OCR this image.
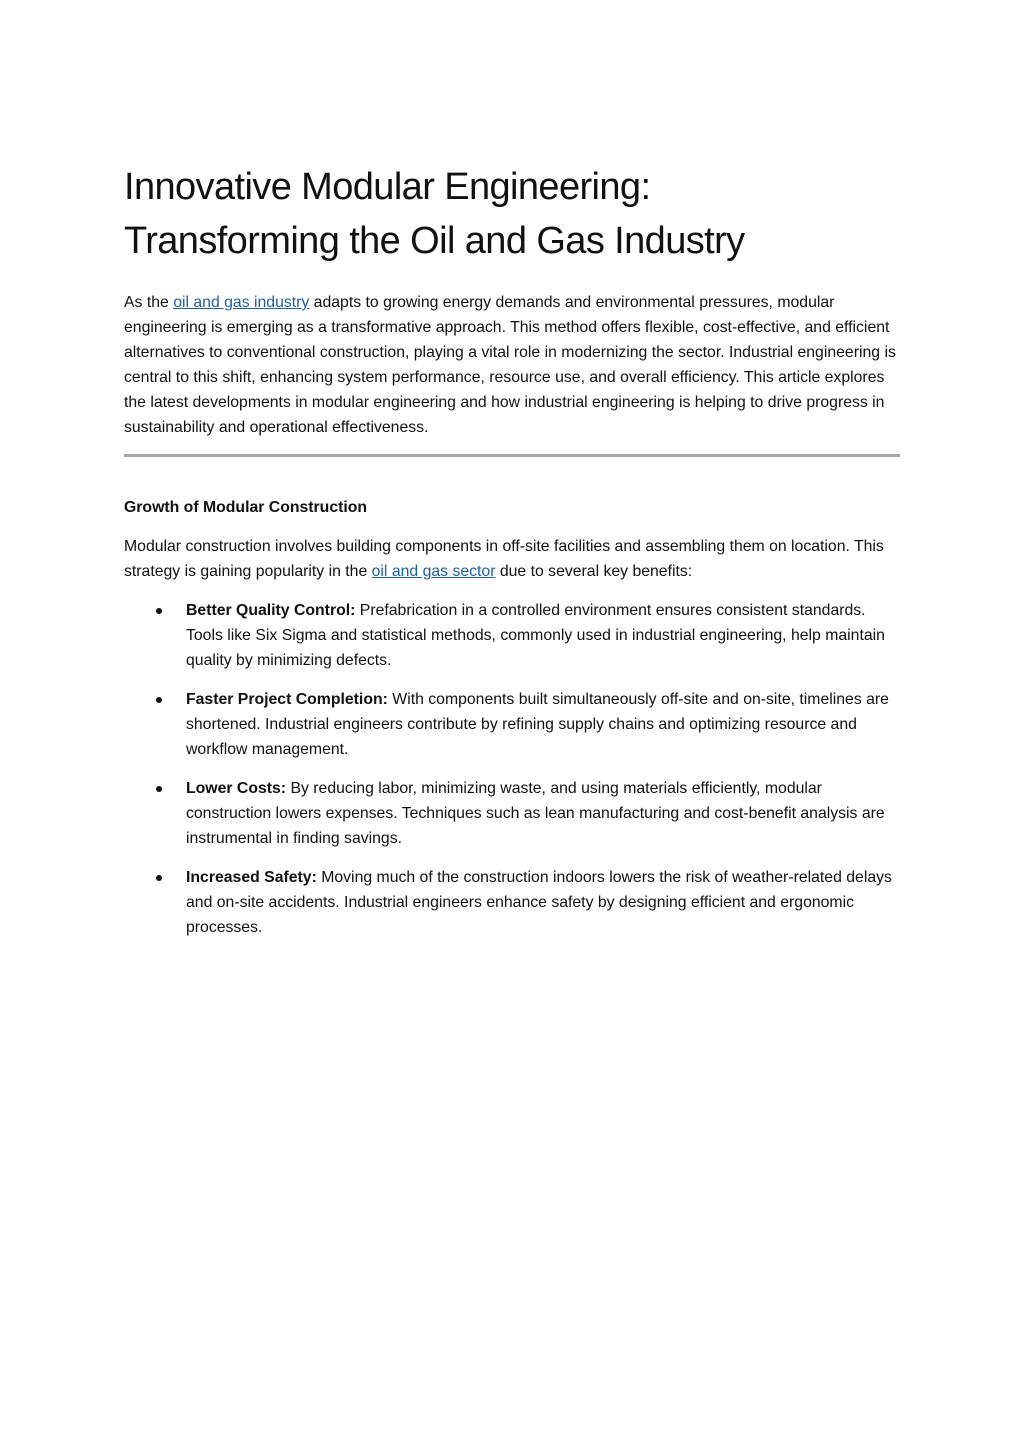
Innovative Modular Engineering:
Transforming the Oil and Gas Industry

As the oil and gas industry adapts to growing energy demands and environmental pressures, modular engineering is emerging as a transformative approach. This method offers flexible, cost-effective, and efficient alternatives to conventional construction, playing a vital role in modernizing the sector. Industrial engineering is central to this shift, enhancing system performance, resource use, and overall efficiency. This article explores the latest developments in modular engineering and how industrial engineering is helping to drive progress in sustainability and operational effectiveness.

Growth of Modular Construction

Modular construction involves building components in off-site facilities and assembling them on location. This strategy is gaining popularity in the oil and gas sector due to several key benefits:

Better Quality Control: Prefabrication in a controlled environment ensures consistent standards. Tools like Six Sigma and statistical methods, commonly used in industrial engineering, help maintain quality by minimizing defects.
Faster Project Completion: With components built simultaneously off-site and on-site, timelines are shortened. Industrial engineers contribute by refining supply chains and optimizing resource and workflow management.
Lower Costs: By reducing labor, minimizing waste, and using materials efficiently, modular construction lowers expenses. Techniques such as lean manufacturing and cost-benefit analysis are instrumental in finding savings.
Increased Safety: Moving much of the construction indoors lowers the risk of weather-related delays and on-site accidents. Industrial engineers enhance safety by designing efficient and ergonomic processes.
